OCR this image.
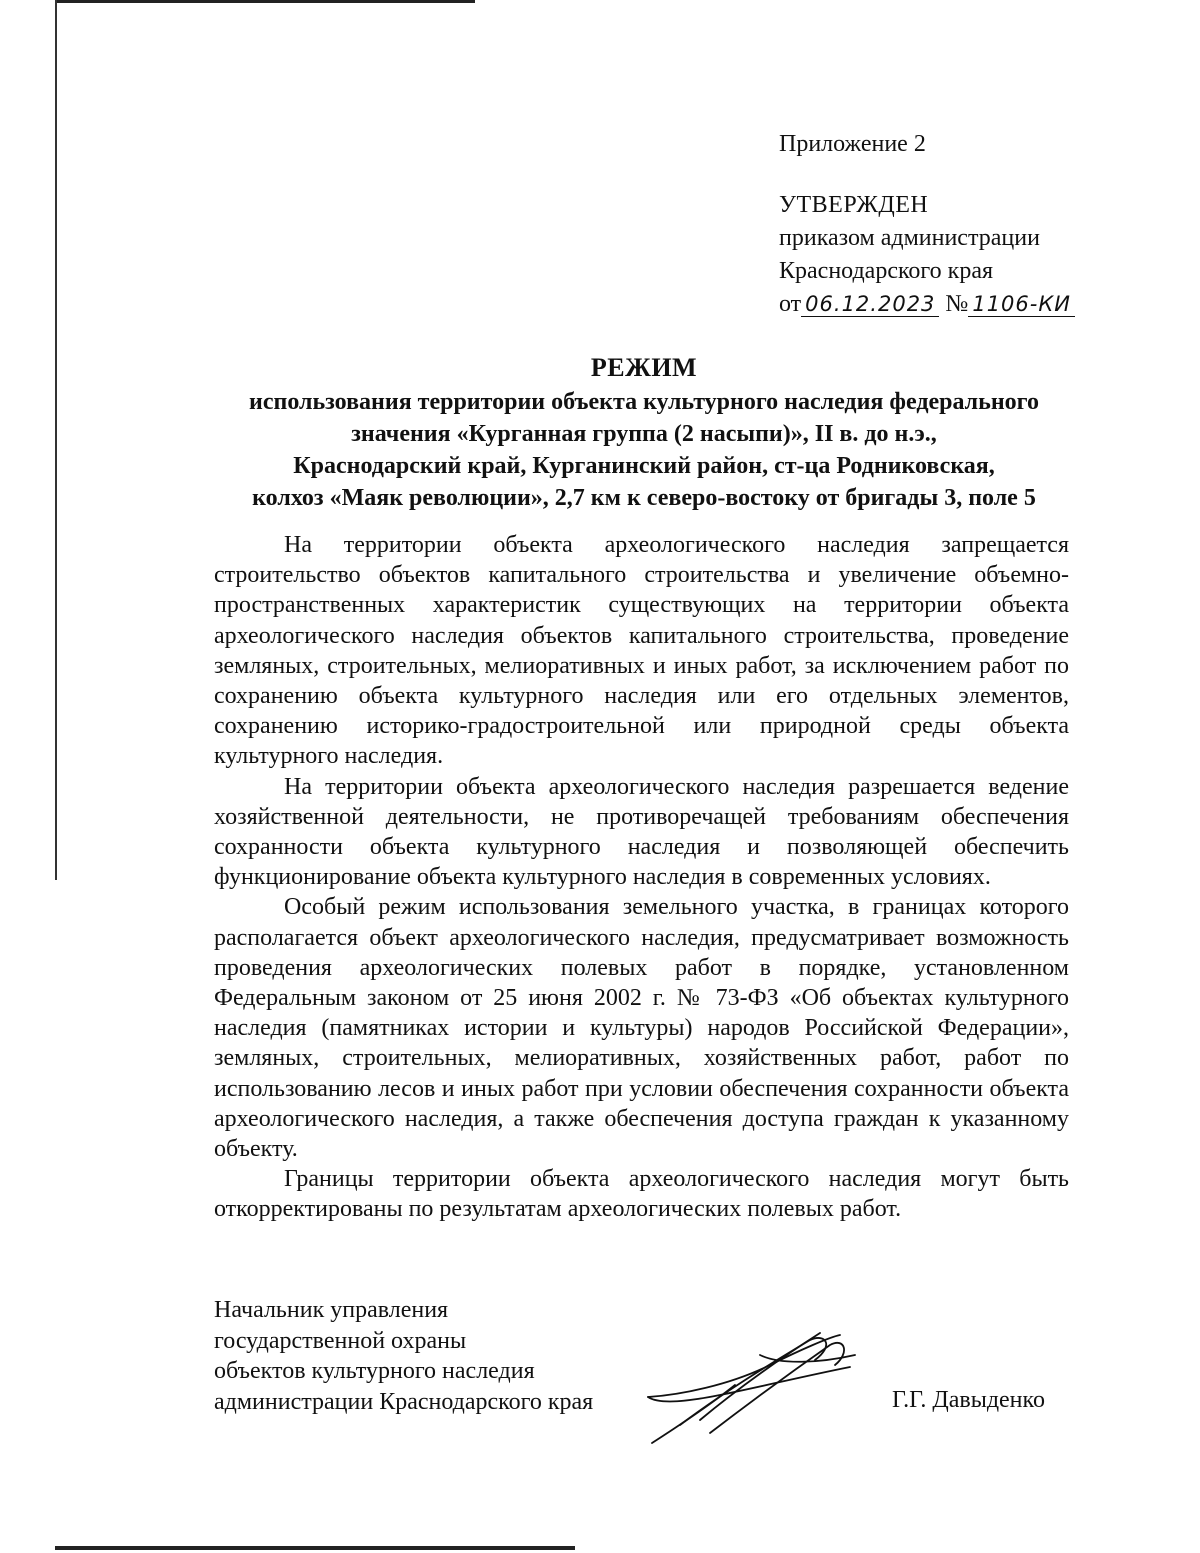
Приложение 2
УТВЕРЖДЕН
приказом администрации
Краснодарского края
от 06.12.2023 № 1106-КИ
РЕЖИМ
использования территории объекта культурного наследия федерального
значения «Курганная группа (2 насыпи)», II в. до н.э.,
Краснодарский край, Курганинский район, ст-ца Родниковская,
колхоз «Маяк революции», 2,7 км к северо-востоку от бригады 3, поле 5

На территории объекта археологического наследия запрещается строительство объектов капитального строительства и увеличение объемно-пространственных характеристик существующих на территории объекта археологического наследия объектов капитального строительства, проведение земляных, строительных, мелиоративных и иных работ, за исключением работ по сохранению объекта культурного наследия или его отдельных элементов, сохранению историко-градостроительной или природной среды объекта культурного наследия.

На территории объекта археологического наследия разрешается ведение хозяйственной деятельности, не противоречащей требованиям обеспечения сохранности объекта культурного наследия и позволяющей обеспечить функционирование объекта культурного наследия в современных условиях.

Особый режим использования земельного участка, в границах которого располагается объект археологического наследия, предусматривает возможность проведения археологических полевых работ в порядке, установленном Федеральным законом от 25 июня 2002 г. № 73-ФЗ «Об объектах культурного наследия (памятниках истории и культуры) народов Российской Федерации», земляных, строительных, мелиоративных, хозяйственных работ, работ по использованию лесов и иных работ при условии обеспечения сохранности объекта археологического наследия, а также обеспечения доступа граждан к указанному объекту.

Границы территории объекта археологического наследия могут быть откорректированы по результатам археологических полевых работ.

Начальник управления
государственной охраны
объектов культурного наследия
администрации Краснодарского края	Г.Г. Давыденко
